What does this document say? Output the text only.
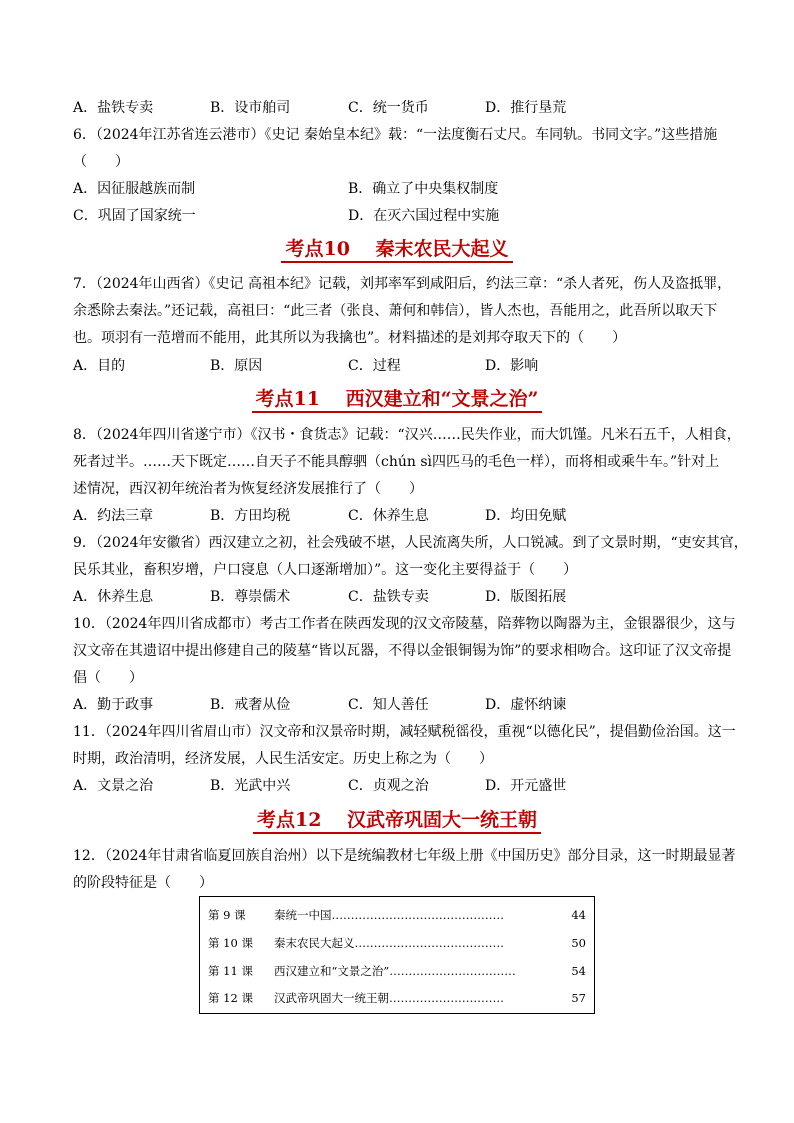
A．盐铁专卖	B．设市舶司	C．统一货币	D．推行垦荒
6．（2024年江苏省连云港市）《史记 秦始皇本纪》载：“一法度衡石丈尺。车同轨。书同文字。”这些措施
（　　）
A．因征服越族而制	B．确立了中央集权制度
C．巩固了国家统一	D．在灭六国过程中实施
考点10　 秦末农民大起义
7．（2024年山西省）《史记 高祖本纪》记载，刘邦率军到咸阳后，约法三章：“杀人者死，伤人及盗抵罪，
余悉除去秦法。”还记载，高祖曰：“此三者（张良、萧何和韩信），皆人杰也，吾能用之，此吾所以取天下
也。项羽有一范增而不能用，此其所以为我擒也”。材料描述的是刘邦夺取天下的（　　）
A．目的	B．原因	C．过程	D．影响
考点11　 西汉建立和“文景之治”
8．（2024年四川省遂宁市）《汉书・食货志》记载：“汉兴……民失作业，而大饥馑。凡米石五千，人相食，
死者过半。……天下既定……自天子不能具醇驷（chún sì四匹马的毛色一样），而将相或乘牛车。”针对上
述情况，西汉初年统治者为恢复经济发展推行了（　　）
A．约法三章	B．方田均税	C．休养生息	D．均田免赋
9．（2024年安徽省）西汉建立之初，社会残破不堪，人民流离失所，人口锐减。到了文景时期，“吏安其官，
民乐其业，畜积岁增，户口寖息（人口逐渐增加）”。这一变化主要得益于（　　）
A．休养生息	B．尊崇儒术	C．盐铁专卖	D．版图拓展
10．（2024年四川省成都市）考古工作者在陕西发现的汉文帝陵墓，陪葬物以陶器为主，金银器很少，这与
汉文帝在其遗诏中提出修建自己的陵墓“皆以瓦器，不得以金银铜锡为饰”的要求相吻合。这印证了汉文帝提
倡（　　）
A．勤于政事	B．戒奢从俭	C．知人善任	D．虚怀纳谏
11．（2024年四川省眉山市）汉文帝和汉景帝时期，减轻赋税徭役，重视“以德化民”，提倡勤俭治国。这一
时期，政治清明，经济发展，人民生活安定。历史上称之为（　　）
A．文景之治	B．光武中兴	C．贞观之治	D．开元盛世
考点12　 汉武帝巩固大一统王朝
12．（2024年甘肃省临夏回族自治州）以下是统编教材七年级上册《中国历史》部分目录，这一时期最显著
的阶段特征是（　　）
第 9 课 秦统一中国………………………………………	44
第 10 课 秦末农民大起义…………………………………	50
第 11 课 西汉建立和“文景之治”……………………………	54
第 12 课 汉武帝巩固大一统王朝…………………………	57
